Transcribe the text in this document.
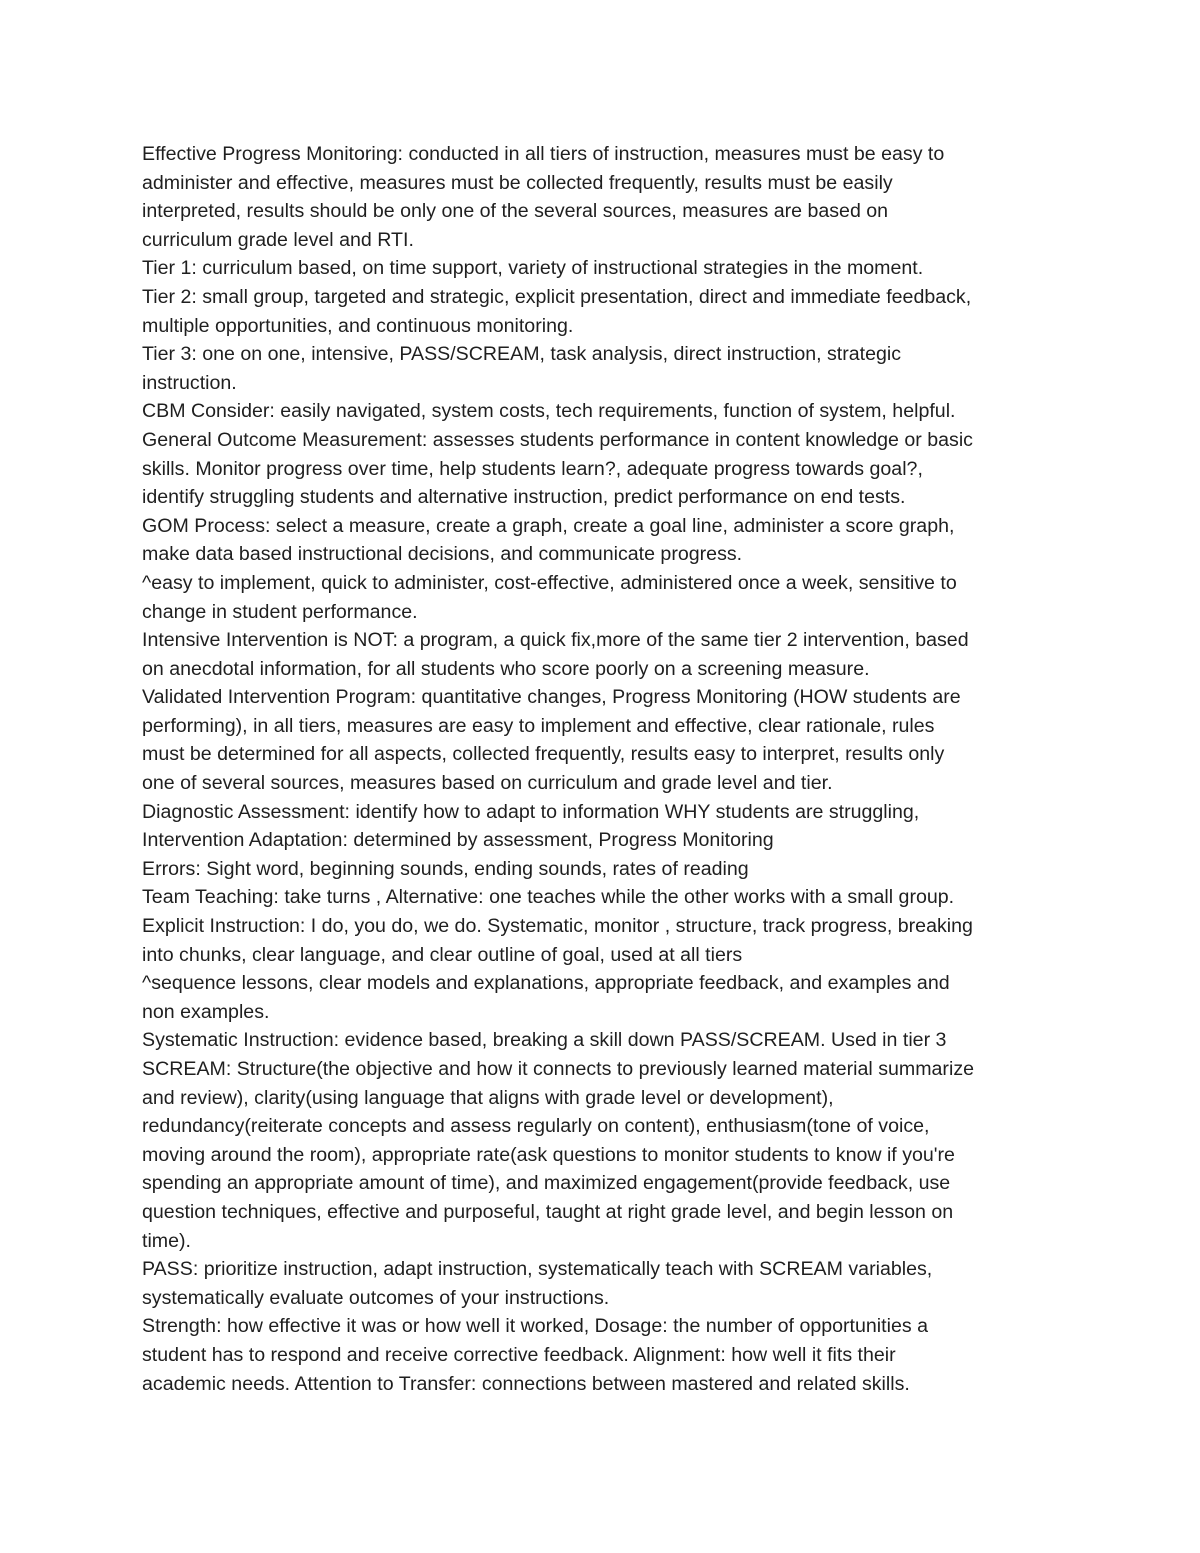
Effective Progress Monitoring: conducted in all tiers of instruction, measures must be easy to
administer and effective, measures must be collected frequently, results must be easily
interpreted, results should be only one of the several sources, measures are based on
curriculum grade level and RTI.

Tier 1: curriculum based, on time support, variety of instructional strategies in the moment.

Tier 2: small group, targeted and strategic, explicit presentation, direct and immediate feedback,
multiple opportunities, and continuous monitoring.

Tier 3: one on one, intensive, PASS/SCREAM, task analysis, direct instruction, strategic
instruction.

CBM Consider: easily navigated, system costs, tech requirements, function of system, helpful.

General Outcome Measurement: assesses students performance in content knowledge or basic
skills. Monitor progress over time, help students learn?, adequate progress towards goal?,
identify struggling students and alternative instruction, predict performance on end tests.

GOM Process: select a measure, create a graph, create a goal line, administer a score graph,
make data based instructional decisions, and communicate progress.

^easy to implement, quick to administer, cost-effective, administered once a week, sensitive to
change in student performance.

Intensive Intervention is NOT: a program, a quick fix,more of the same tier 2 intervention, based
on anecdotal information, for all students who score poorly on a screening measure.

Validated Intervention Program: quantitative changes, Progress Monitoring (HOW students are
performing), in all tiers, measures are easy to implement and effective, clear rationale, rules
must be determined for all aspects, collected frequently, results easy to interpret, results only
one of several sources, measures based on curriculum and grade level and tier.

Diagnostic Assessment: identify how to adapt to information WHY students are struggling,

Intervention Adaptation: determined by assessment, Progress Monitoring

Errors: Sight word, beginning sounds, ending sounds, rates of reading

Team Teaching: take turns , Alternative: one teaches while the other works with a small group.

Explicit Instruction: I do, you do, we do. Systematic, monitor , structure, track progress, breaking
into chunks, clear language, and clear outline of goal, used at all tiers

^sequence lessons, clear models and explanations, appropriate feedback, and examples and
non examples.

Systematic Instruction: evidence based, breaking a skill down PASS/SCREAM. Used in tier 3

SCREAM: Structure(the objective and how it connects to previously learned material summarize
and review), clarity(using language that aligns with grade level or development),
redundancy(reiterate concepts and assess regularly on content), enthusiasm(tone of voice,
moving around the room), appropriate rate(ask questions to monitor students to know if you're
spending an appropriate amount of time), and maximized engagement(provide feedback, use
question techniques, effective and purposeful, taught at right grade level, and begin lesson on
time).

PASS: prioritize instruction, adapt instruction, systematically teach with SCREAM variables,
systematically evaluate outcomes of your instructions.

Strength: how effective it was or how well it worked, Dosage: the number of opportunities a
student has to respond and receive corrective feedback. Alignment: how well it fits their
academic needs. Attention to Transfer: connections between mastered and related skills.
